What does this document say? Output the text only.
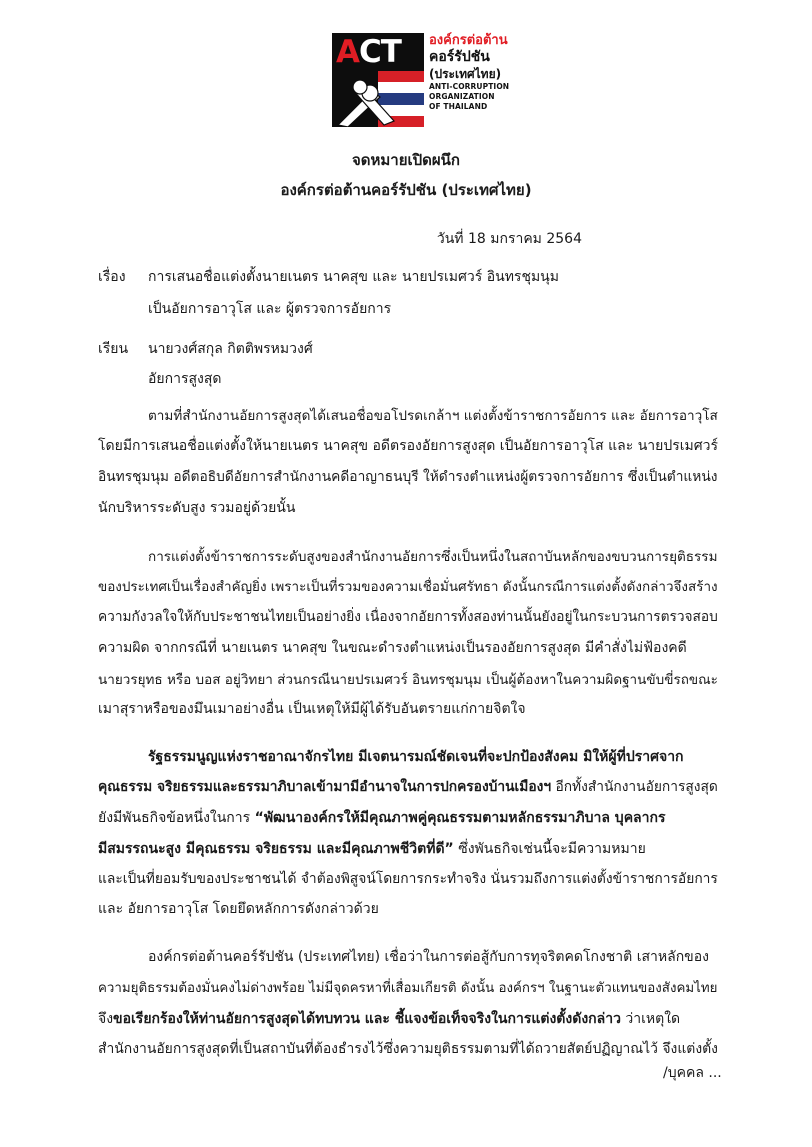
ACT องค์กรต่อต้าน
คอร์รัปชัน
(ประเทศไทย)
ANTI-CORRUPTION
ORGANIZATION
OF THAILAND
จดหมายเปิดผนึก
องค์กรต่อต้านคอร์รัปชัน (ประเทศไทย)
วันที่ 18 มกราคม 2564
เรื่อง การเสนอชื่อแต่งตั้งนายเนตร นาคสุข และ นายปรเมศวร์ อินทรชุมนุม
เป็นอัยการอาวุโส และ ผู้ตรวจการอัยการ
เรียน นายวงศ์สกุล กิตติพรหมวงศ์
อัยการสูงสุด
ตามที่สำนักงานอัยการสูงสุดได้เสนอชื่อขอโปรดเกล้าฯ แต่งตั้งข้าราชการอัยการ และ อัยการอาวุโส
โดยมีการเสนอชื่อแต่งตั้งให้นายเนตร นาคสุข อดีตรองอัยการสูงสุด เป็นอัยการอาวุโส และ นายปรเมศวร์
อินทรชุมนุม อดีตอธิบดีอัยการสำนักงานคดีอาญาธนบุรี ให้ดำรงตำแหน่งผู้ตรวจการอัยการ ซึ่งเป็นตำแหน่ง
นักบริหารระดับสูง รวมอยู่ด้วยนั้น
การแต่งตั้งข้าราชการระดับสูงของสำนักงานอัยการซึ่งเป็นหนึ่งในสถาบันหลักของขบวนการยุติธรรม
ของประเทศเป็นเรื่องสำคัญยิ่ง เพราะเป็นที่รวมของความเชื่อมั่นศรัทธา ดังนั้นกรณีการแต่งตั้งดังกล่าวจึงสร้าง
ความกังวลใจให้กับประชาชนไทยเป็นอย่างยิ่ง เนื่องจากอัยการทั้งสองท่านนั้นยังอยู่ในกระบวนการตรวจสอบ
ความผิด จากกรณีที่ นายเนตร นาคสุข ในขณะดำรงตำแหน่งเป็นรองอัยการสูงสุด มีคำสั่งไม่ฟ้องคดี
นายวรยุทธ หรือ บอส อยู่วิทยา ส่วนกรณีนายปรเมศวร์ อินทรชุมนุม เป็นผู้ต้องหาในความผิดฐานขับขี่รถขณะ
เมาสุราหรือของมึนเมาอย่างอื่น เป็นเหตุให้มีผู้ได้รับอันตรายแก่กายจิตใจ
รัฐธรรมนูญแห่งราชอาณาจักรไทย มีเจตนารมณ์ชัดเจนที่จะปกป้องสังคม มิให้ผู้ที่ปราศจาก
คุณธรรม จริยธรรมและธรรมาภิบาลเข้ามามีอำนาจในการปกครองบ้านเมืองฯ อีกทั้งสำนักงานอัยการสูงสุด
ยังมีพันธกิจข้อหนึ่งในการ “พัฒนาองค์กรให้มีคุณภาพคู่คุณธรรมตามหลักธรรมาภิบาล บุคลากร
มีสมรรถนะสูง มีคุณธรรม จริยธรรม และมีคุณภาพชีวิตที่ดี” ซึ่งพันธกิจเช่นนี้จะมีความหมาย
และเป็นที่ยอมรับของประชาชนได้ จำต้องพิสูจน์โดยการกระทำจริง นั่นรวมถึงการแต่งตั้งข้าราชการอัยการ
และ อัยการอาวุโส โดยยึดหลักการดังกล่าวด้วย
องค์กรต่อต้านคอร์รัปชัน (ประเทศไทย) เชื่อว่าในการต่อสู้กับการทุจริตคดโกงชาติ เสาหลักของ
ความยุติธรรมต้องมั่นคงไม่ด่างพร้อย ไม่มีจุดครหาที่เสื่อมเกียรติ ดังนั้น องค์กรฯ ในฐานะตัวแทนของสังคมไทย
จึงขอเรียกร้องให้ท่านอัยการสูงสุดได้ทบทวน และ ชี้แจงข้อเท็จจริงในการแต่งตั้งดังกล่าว ว่าเหตุใด
สำนักงานอัยการสูงสุดที่เป็นสถาบันที่ต้องธำรงไว้ซึ่งความยุติธรรมตามที่ได้ถวายสัตย์ปฏิญาณไว้ จึงแต่งตั้ง
/บุคคล ...
